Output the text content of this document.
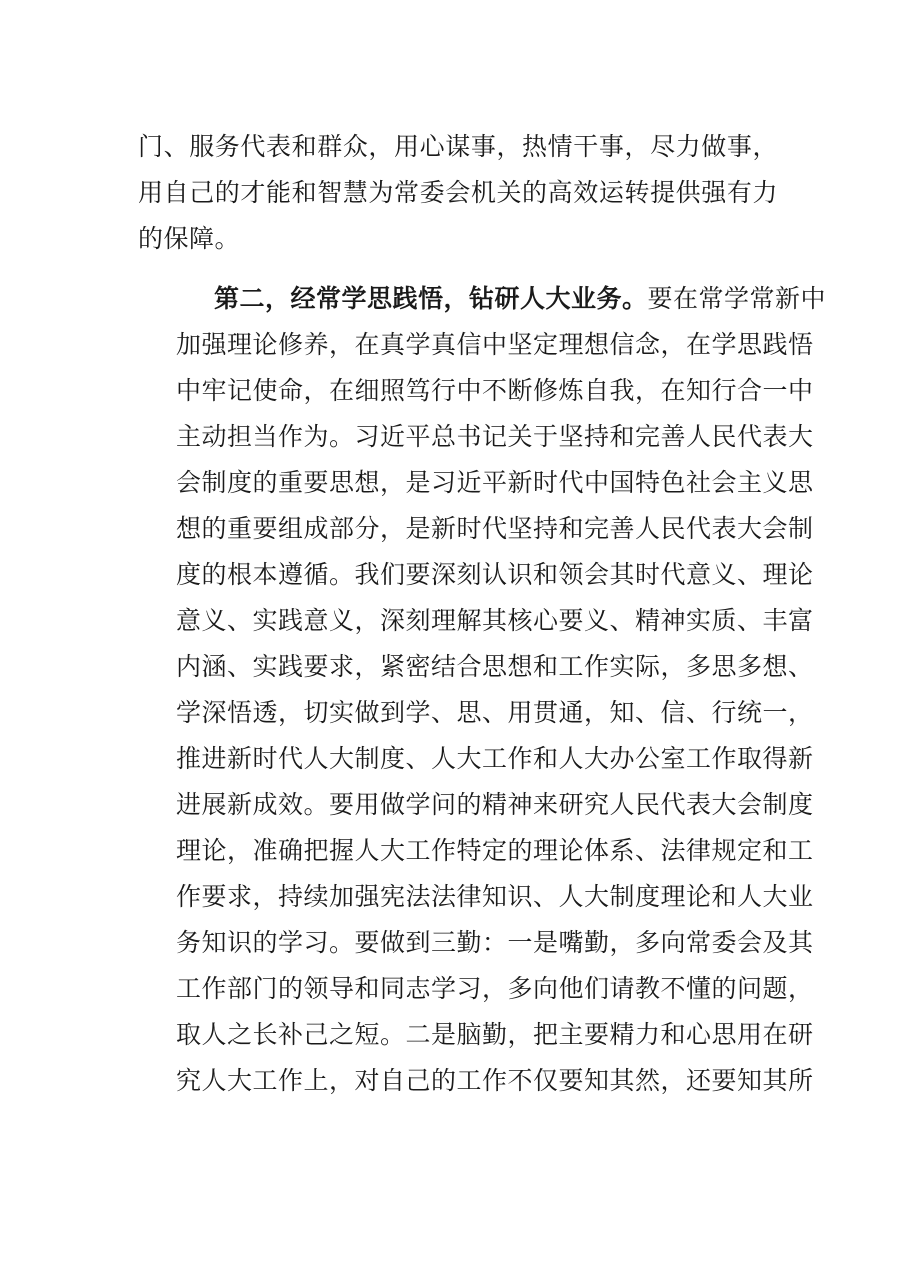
门、服务代表和群众，用心谋事，热情干事，尽力做事，
用自己的才能和智慧为常委会机关的高效运转提供强有力
的保障。
第二，经常学思践悟，钻研人大业务。要在常学常新中
加强理论修养，在真学真信中坚定理想信念，在学思践悟
中牢记使命，在细照笃行中不断修炼自我，在知行合一中
主动担当作为。习近平总书记关于坚持和完善人民代表大
会制度的重要思想，是习近平新时代中国特色社会主义思
想的重要组成部分，是新时代坚持和完善人民代表大会制
度的根本遵循。我们要深刻认识和领会其时代意义、理论
意义、实践意义，深刻理解其核心要义、精神实质、丰富
内涵、实践要求，紧密结合思想和工作实际，多思多想、
学深悟透，切实做到学、思、用贯通，知、信、行统一，
推进新时代人大制度、人大工作和人大办公室工作取得新
进展新成效。要用做学问的精神来研究人民代表大会制度
理论，准确把握人大工作特定的理论体系、法律规定和工
作要求，持续加强宪法法律知识、人大制度理论和人大业
务知识的学习。要做到三勤：一是嘴勤，多向常委会及其
工作部门的领导和同志学习，多向他们请教不懂的问题，
取人之长补己之短。二是脑勤，把主要精力和心思用在研
究人大工作上，对自己的工作不仅要知其然，还要知其所
